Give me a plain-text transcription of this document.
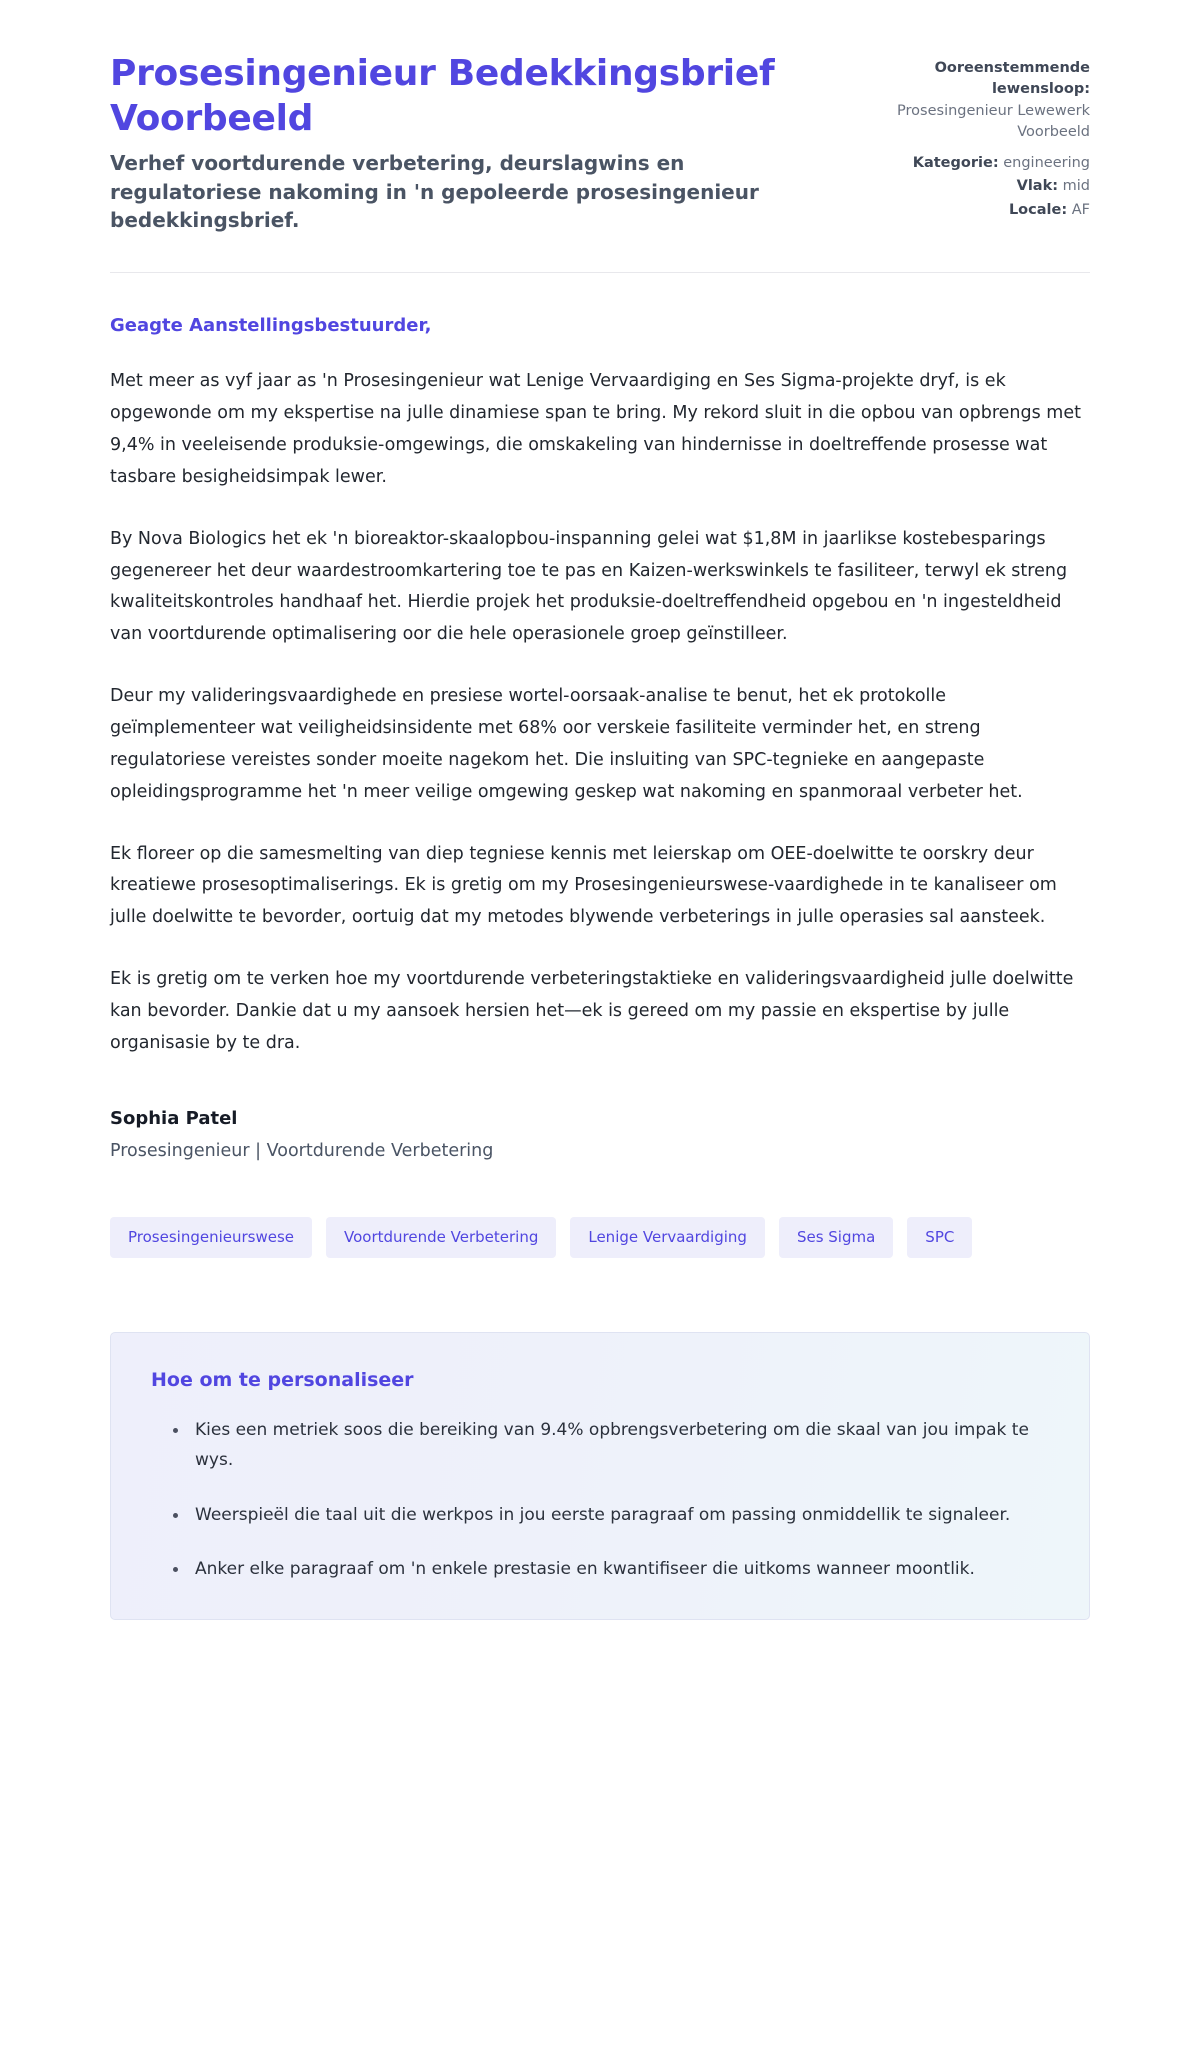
Prosesingenieur Bedekkingsbrief Voorbeeld

Verhef voortdurende verbetering, deurslagwins en regulatoriese nakoming in 'n gepoleerde prosesingenieur bedekkingsbrief.

Ooreenstemmende lewensloop:
Prosesingenieur Lewewerk Voorbeeld
Kategorie: engineering
Vlak: mid
Locale: AF

Geagte Aanstellingsbestuurder,

Met meer as vyf jaar as 'n Prosesingenieur wat Lenige Vervaardiging en Ses Sigma-projekte dryf, is ek opgewonde om my ekspertise na julle dinamiese span te bring. My rekord sluit in die opbou van opbrengs met 9,4% in veeleisende produksie-omgewings, die omskakeling van hindernisse in doeltreffende prosesse wat tasbare besigheidsimpak lewer.

By Nova Biologics het ek 'n bioreaktor-skaalopbou-inspanning gelei wat $1,8M in jaarlikse kostebesparings gegenereer het deur waardestroomkartering toe te pas en Kaizen-werkswinkels te fasiliteer, terwyl ek streng kwaliteitskontroles handhaaf het. Hierdie projek het produksie-doeltreffendheid opgebou en 'n ingesteldheid van voortdurende optimalisering oor die hele operasionele groep geïnstilleer.

Deur my valideringsvaardighede en presiese wortel-oorsaak-analise te benut, het ek protokolle geïmplementeer wat veiligheidsinsidente met 68% oor verskeie fasiliteite verminder het, en streng regulatoriese vereistes sonder moeite nagekom het. Die insluiting van SPC-tegnieke en aangepaste opleidingsprogramme het 'n meer veilige omgewing geskep wat nakoming en spanmoraal verbeter het.

Ek floreer op die samesmelting van diep tegniese kennis met leierskap om OEE-doelwitte te oorskry deur kreatiewe prosesoptimaliserings. Ek is gretig om my Prosesingenieurswese-vaardighede in te kanaliseer om julle doelwitte te bevorder, oortuig dat my metodes blywende verbeterings in julle operasies sal aansteek.

Ek is gretig om te verken hoe my voortdurende verbeteringstaktieke en valideringsvaardigheid julle doelwitte kan bevorder. Dankie dat u my aansoek hersien het—ek is gereed om my passie en ekspertise by julle organisasie by te dra.

Sophia Patel

Prosesingenieur | Voortdurende Verbetering

Prosesingenieurswese	Voortdurende Verbetering	Lenige Vervaardiging	Ses Sigma	SPC

Hoe om te personaliseer

Kies een metriek soos die bereiking van 9.4% opbrengsverbetering om die skaal van jou impak te wys.
Weerspieël die taal uit die werkpos in jou eerste paragraaf om passing onmiddellik te signaleer.
Anker elke paragraaf om 'n enkele prestasie en kwantifiseer die uitkoms wanneer moontlik.
